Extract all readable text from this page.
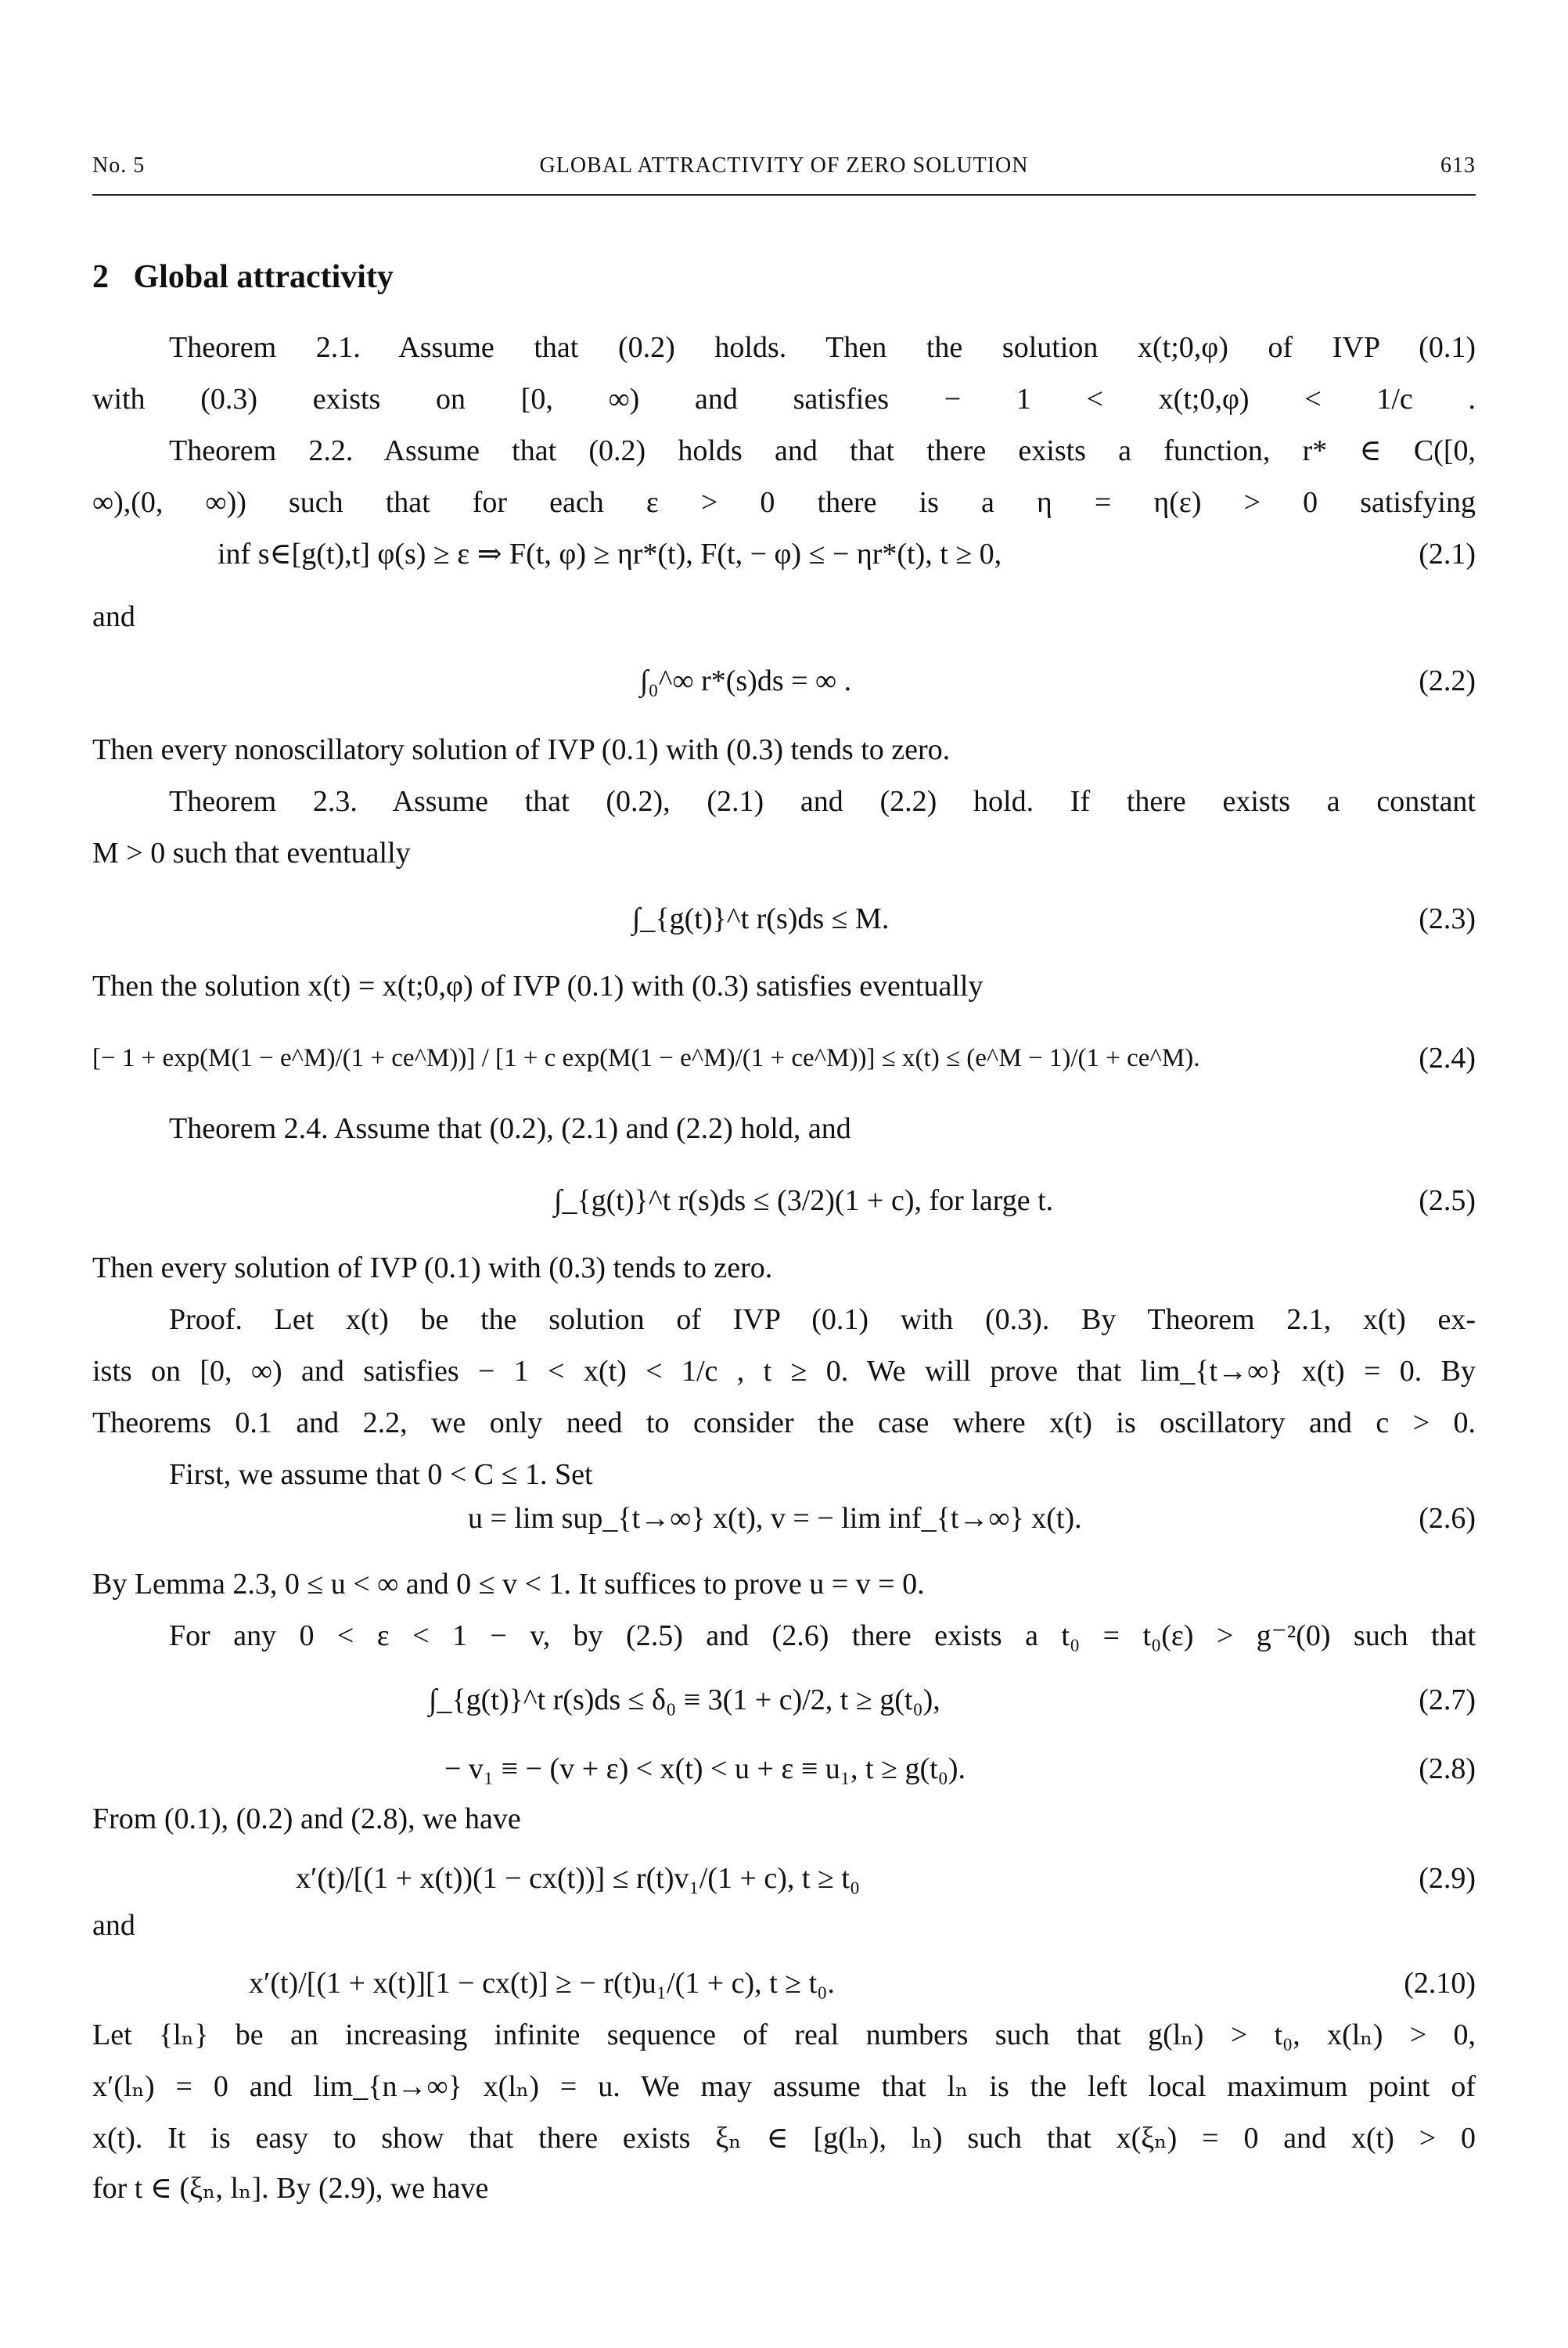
No. 5	GLOBAL ATTRACTIVITY OF ZERO SOLUTION	613
2 Global attractivity
Theorem 2.1. Assume that (0.2) holds. Then the solution x(t;0,φ) of IVP (0.1)
with (0.3) exists on [0, ∞) and satisfies − 1 < x(t;0,φ) < 1/c .
Theorem 2.2. Assume that (0.2) holds and that there exists a function, r* ∈ C([0,
∞),(0, ∞)) such that for each ε > 0 there is a η = η(ε) > 0 satisfying
inf s∈[g(t),t] φ(s) ≥ ε ⇒ F(t, φ) ≥ ηr*(t), F(t, − φ) ≤ − ηr*(t), t ≥ 0,	(2.1)
and
∫₀^∞ r*(s)ds = ∞ .	(2.2)
Then every nonoscillatory solution of IVP (0.1) with (0.3) tends to zero.
Theorem 2.3. Assume that (0.2), (2.1) and (2.2) hold. If there exists a constant
M > 0 such that eventually
∫_{g(t)}^t r(s)ds ≤ M.	(2.3)
Then the solution x(t) = x(t;0,φ) of IVP (0.1) with (0.3) satisfies eventually
[− 1 + exp(M(1 − e^M)/(1 + ce^M))] / [1 + c exp(M(1 − e^M)/(1 + ce^M))] ≤ x(t) ≤ (e^M − 1)/(1 + ce^M).	(2.4)
Theorem 2.4. Assume that (0.2), (2.1) and (2.2) hold, and
∫_{g(t)}^t r(s)ds ≤ (3/2)(1 + c), for large t.	(2.5)
Then every solution of IVP (0.1) with (0.3) tends to zero.
Proof. Let x(t) be the solution of IVP (0.1) with (0.3). By Theorem 2.1, x(t) ex-
ists on [0, ∞) and satisfies − 1 < x(t) < 1/c , t ≥ 0. We will prove that lim_{t→∞} x(t) = 0. By
Theorems 0.1 and 2.2, we only need to consider the case where x(t) is oscillatory and c > 0.
First, we assume that 0 < C ≤ 1. Set
u = lim sup_{t→∞} x(t), v = − lim inf_{t→∞} x(t).	(2.6)
By Lemma 2.3, 0 ≤ u < ∞ and 0 ≤ v < 1. It suffices to prove u = v = 0.
For any 0 < ε < 1 − v, by (2.5) and (2.6) there exists a t₀ = t₀(ε) > g⁻²(0) such that
∫_{g(t)}^t r(s)ds ≤ δ₀ ≡ 3(1 + c)/2, t ≥ g(t₀),	(2.7)
− v₁ ≡ − (v + ε) < x(t) < u + ε ≡ u₁, t ≥ g(t₀).	(2.8)
From (0.1), (0.2) and (2.8), we have
x′(t)/[(1 + x(t))(1 − cx(t))] ≤ r(t)v₁/(1 + c), t ≥ t₀	(2.9)
and
x′(t)/[(1 + x(t)][1 − cx(t)] ≥ − r(t)u₁/(1 + c), t ≥ t₀.	(2.10)
Let {lₙ} be an increasing infinite sequence of real numbers such that g(lₙ) > t₀, x(lₙ) > 0,
x′(lₙ) = 0 and lim_{n→∞} x(lₙ) = u. We may assume that lₙ is the left local maximum point of
x(t). It is easy to show that there exists ξₙ ∈ [g(lₙ), lₙ) such that x(ξₙ) = 0 and x(t) > 0
for t ∈ (ξₙ, lₙ]. By (2.9), we have
